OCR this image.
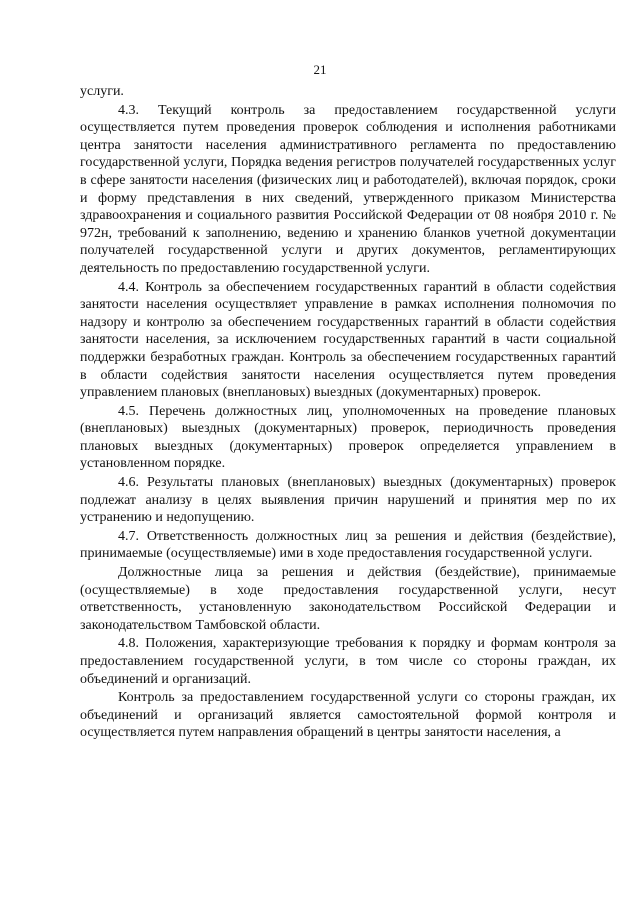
21

услуги.

4.3. Текущий контроль за предоставлением государственной услуги осуществляется путем проведения проверок соблюдения и исполнения работниками центра занятости населения административного регламента по предоставлению государственной услуги, Порядка ведения регистров получателей государственных услуг в сфере занятости населения (физических лиц и работодателей), включая порядок, сроки и форму представления в них сведений, утвержденного приказом Министерства здравоохранения и социального развития Российской Федерации от 08 ноября 2010 г. № 972н, требований к заполнению, ведению и хранению бланков учетной документации получателей государственной услуги и других документов, регламентирующих деятельность по предоставлению государственной услуги.

4.4. Контроль за обеспечением государственных гарантий в области содействия занятости населения осуществляет управление в рамках исполнения полномочия по надзору и контролю за обеспечением государственных гарантий в области содействия занятости населения, за исключением государственных гарантий в части социальной поддержки безработных граждан. Контроль за обеспечением государственных гарантий в области содействия занятости населения осуществляется путем проведения управлением плановых (внеплановых) выездных (документарных) проверок.

4.5. Перечень должностных лиц, уполномоченных на проведение плановых (внеплановых) выездных (документарных) проверок, периодичность проведения плановых выездных (документарных) проверок определяется управлением в установленном порядке.

4.6. Результаты плановых (внеплановых) выездных (документарных) проверок подлежат анализу в целях выявления причин нарушений и принятия мер по их устранению и недопущению.

4.7. Ответственность должностных лиц за решения и действия (бездействие), принимаемые (осуществляемые) ими в ходе предоставления государственной услуги.

Должностные лица за решения и действия (бездействие), принимаемые (осуществляемые) в ходе предоставления государственной услуги, несут ответственность, установленную законодательством Российской Федерации и законодательством Тамбовской области.

4.8. Положения, характеризующие требования к порядку и формам контроля за предоставлением государственной услуги, в том числе со стороны граждан, их объединений и организаций.

Контроль за предоставлением государственной услуги со стороны граждан, их объединений и организаций является самостоятельной формой контроля и осуществляется путем направления обращений в центры занятости населения, а
